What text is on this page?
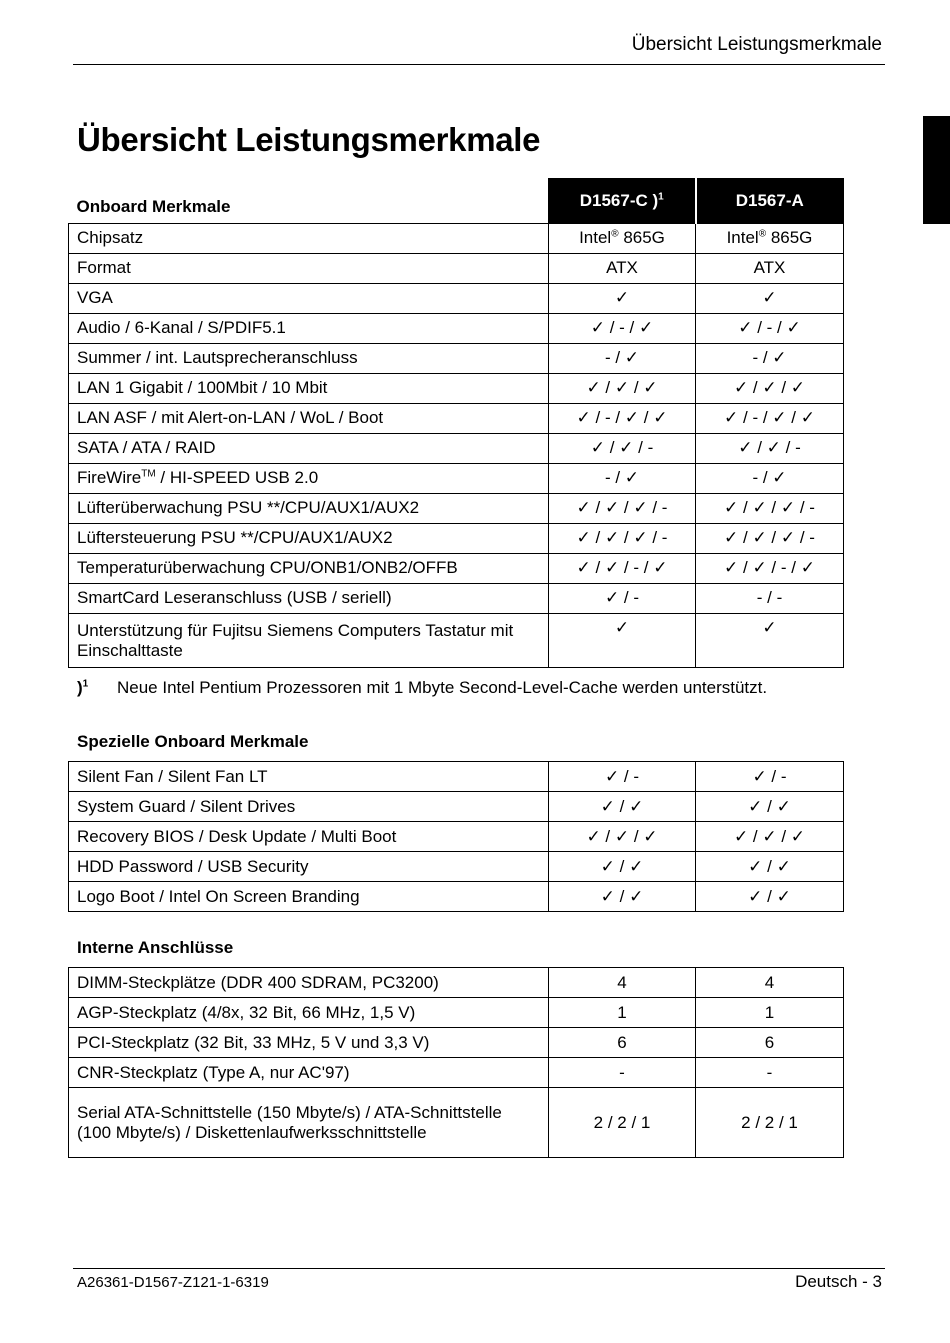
Übersicht Leistungsmerkmale
Übersicht Leistungsmerkmale
Onboard Merkmale	D1567-C )$^1$	D1567-A
Chipsatz	Intel® 865G	Intel® 865G
Format	ATX	ATX
VGA	✓	✓
Audio / 6-Kanal / S/PDIF5.1	✓ / - / ✓	✓ / - / ✓
Summer / int. Lautsprecheranschluss	- / ✓	- / ✓
LAN 1 Gigabit / 100Mbit / 10 Mbit	✓ / ✓ / ✓	✓ / ✓ / ✓
LAN ASF / mit Alert-on-LAN / WoL / Boot	✓ / - / ✓ / ✓	✓ / - / ✓ / ✓
SATA / ATA / RAID	✓ / ✓ / -	✓ / ✓ / -
FireWire™ / HI-SPEED USB 2.0	- / ✓	- / ✓
Lüfterüberwachung PSU **/CPU/AUX1/AUX2	✓ / ✓ / ✓ / -	✓ / ✓ / ✓ / -
Lüftersteuerung PSU **/CPU/AUX1/AUX2	✓ / ✓ / ✓ / -	✓ / ✓ / ✓ / -
Temperaturüberwachung CPU/ONB1/ONB2/OFFB	✓ / ✓ / - / ✓	✓ / ✓ / - / ✓
SmartCard Leseranschluss (USB / seriell)	✓ / -	- / -
Unterstützung für Fujitsu Siemens Computers Tastatur mit Einschalttaste	✓	✓
)$^1$ Neue Intel Pentium Prozessoren mit 1 Mbyte Second-Level-Cache werden unterstützt.
Spezielle Onboard Merkmale
Silent Fan / Silent Fan LT	✓ / -	✓ / -
System Guard / Silent Drives	✓ / ✓	✓ / ✓
Recovery BIOS / Desk Update / Multi Boot	✓ / ✓ / ✓	✓ / ✓ / ✓
HDD Password / USB Security	✓ / ✓	✓ / ✓
Logo Boot / Intel On Screen Branding	✓ / ✓	✓ / ✓
Interne Anschlüsse
DIMM-Steckplätze (DDR 400 SDRAM, PC3200)	4	4
AGP-Steckplatz (4/8x, 32 Bit, 66 MHz, 1,5 V)	1	1
PCI-Steckplatz (32 Bit, 33 MHz, 5 V und 3,3 V)	6	6
CNR-Steckplatz (Type A, nur AC'97)	-	-
Serial ATA-Schnittstelle (150 Mbyte/s) / ATA-Schnittstelle (100 Mbyte/s) / Diskettenlaufwerksschnittstelle	2 / 2 / 1	2 / 2 / 1
A26361-D1567-Z121-1-6319	Deutsch - 3
